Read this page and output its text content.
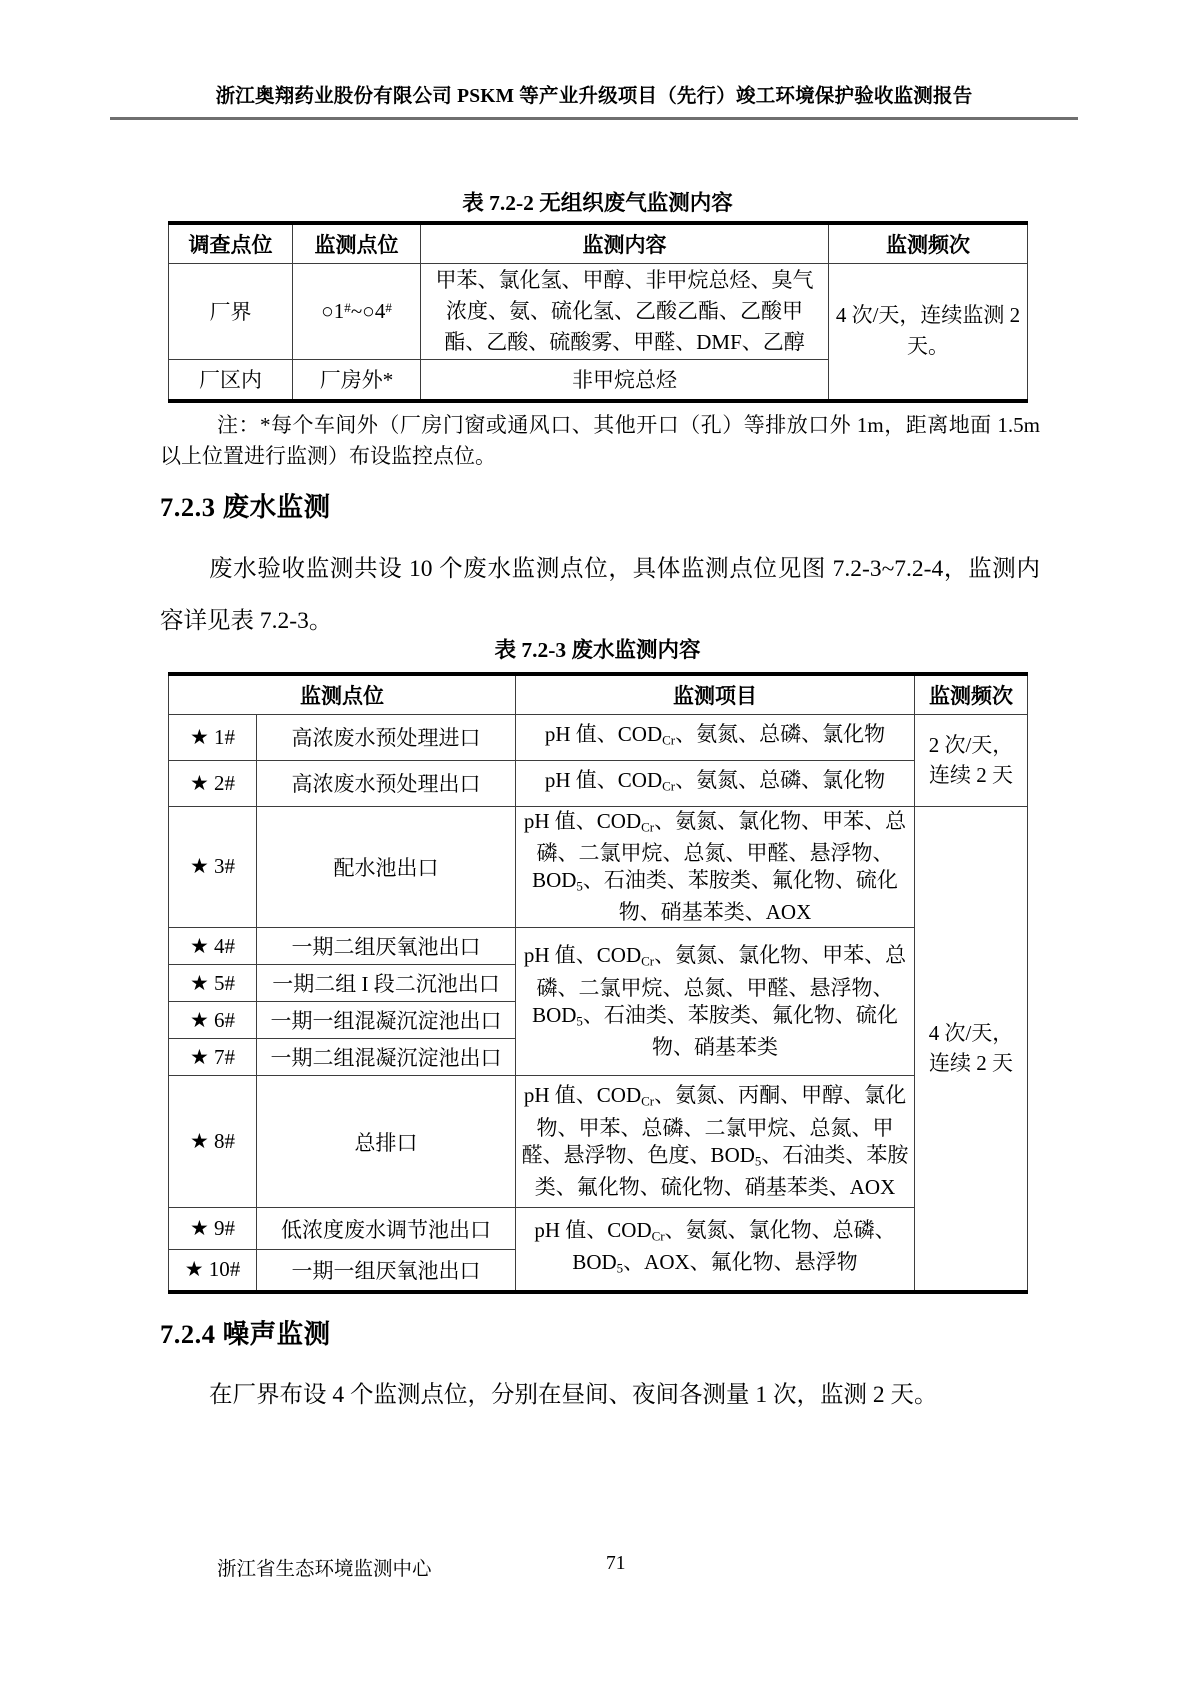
浙江奥翔药业股份有限公司 PSKM 等产业升级项目（先行）竣工环境保护验收监测报告
表 7.2-2 无组织废气监测内容
调查点位	监测点位	监测内容	监测频次
厂界	○1#~○4#	甲苯、氯化氢、甲醇、非甲烷总烃、臭气浓度、氨、硫化氢、乙酸乙酯、乙酸甲酯、乙酸、硫酸雾、甲醛、DMF、乙醇	4 次/天，连续监测 2 天。
厂区内	厂房外*	非甲烷总烃	

注：*每个车间外（厂房门窗或通风口、其他开口（孔）等排放口外 1m，距离地面 1.5m 以上位置进行监测）布设监控点位。

7.2.3 废水监测

废水验收监测共设 10 个废水监测点位，具体监测点位见图 7.2-3~7.2-4，监测内容详见表 7.2-3。

表 7.2-3 废水监测内容
监测点位		监测项目	监测频次
★ 1#	高浓废水预处理进口	pH 值、$COD_{Cr}$、氨氮、总磷、氯化物	2 次/天，连续 2 天
★ 2#	高浓废水预处理出口	pH 值、$COD_{Cr}$、氨氮、总磷、氯化物	
★ 3#	配水池出口	pH 值、$COD_{Cr}$、氨氮、氯化物、甲苯、总磷、二氯甲烷、总氮、甲醛、悬浮物、$BOD_5$、石油类、苯胺类、氟化物、硫化物、硝基苯类、AOX	4 次/天，连续 2 天
★ 4#	一期二组厌氧池出口	pH 值、$COD_{Cr}$、氨氮、氯化物、甲苯、总磷、二氯甲烷、总氮、甲醛、悬浮物、$BOD_5$、石油类、苯胺类、氟化物、硫化物、硝基苯类	
★ 5#	一期二组 I 段二沉池出口		
★ 6#	一期一组混凝沉淀池出口		
★ 7#	一期二组混凝沉淀池出口		
★ 8#	总排口	pH 值、$COD_{Cr}$、氨氮、丙酮、甲醇、氯化物、甲苯、总磷、二氯甲烷、总氮、甲醛、悬浮物、色度、$BOD_5$、石油类、苯胺类、氟化物、硫化物、硝基苯类、AOX	
★ 9#	低浓度废水调节池出口	pH 值、$COD_{Cr}$、氨氮、氯化物、总磷、$BOD_5$、AOX、氟化物、悬浮物	
★ 10#	一期一组厌氧池出口		
7.2.4 噪声监测

在厂界布设 4 个监测点位，分别在昼间、夜间各测量 1 次，监测 2 天。

浙江省生态环境监测中心	71
